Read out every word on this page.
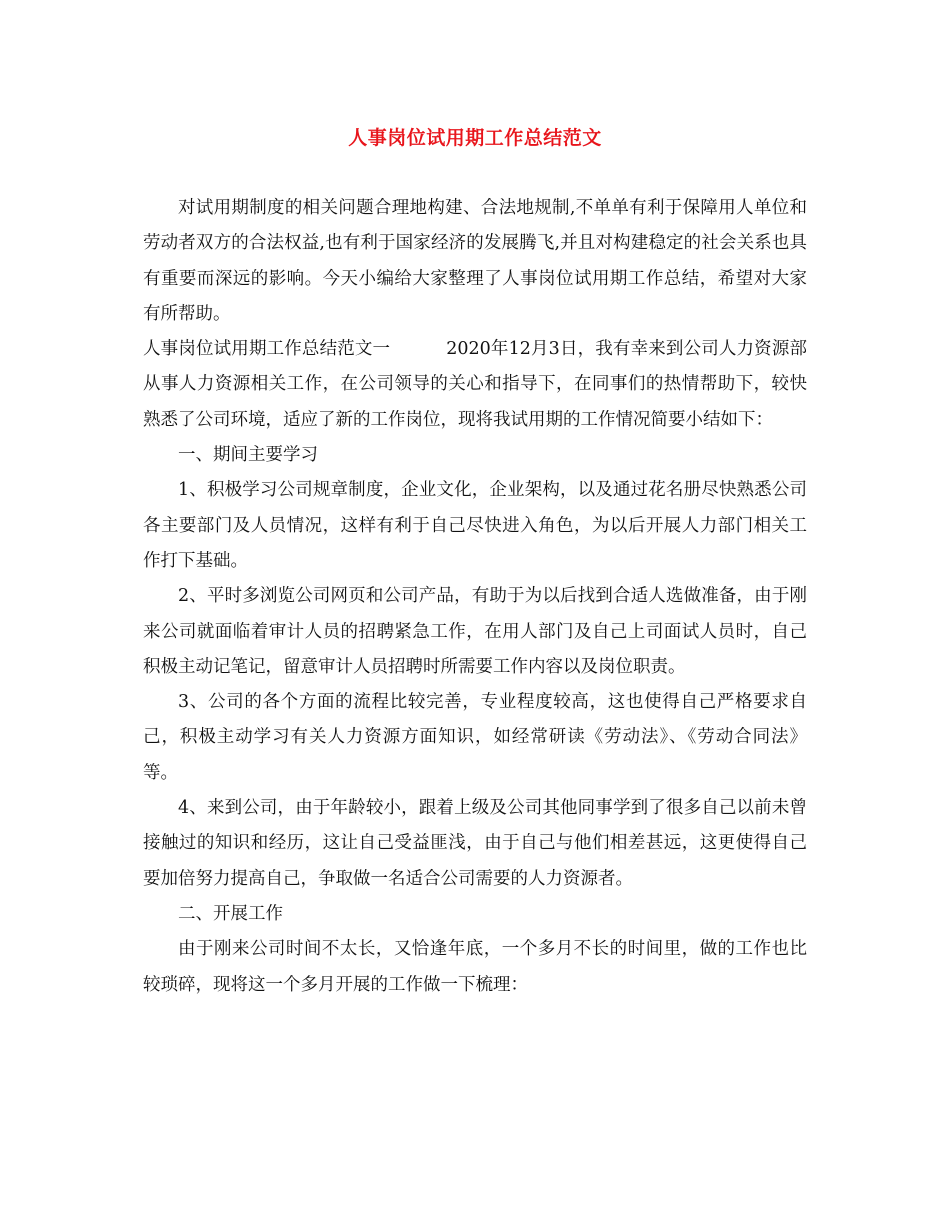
人事岗位试用期工作总结范文

对试用期制度的相关问题合理地构建、合法地规制,不单单有利于保障用人单位和劳动者双方的合法权益,也有利于国家经济的发展腾飞,并且对构建稳定的社会关系也具有重要而深远的影响。今天小编给大家整理了人事岗位试用期工作总结，希望对大家有所帮助。

人事岗位试用期工作总结范文一	2020年12月3日，我有幸来到公司人力资源部从事人力资源相关工作，在公司领导的关心和指导下，在同事们的热情帮助下，较快熟悉了公司环境，适应了新的工作岗位，现将我试用期的工作情况简要小结如下：

一、期间主要学习

1、积极学习公司规章制度，企业文化，企业架构，以及通过花名册尽快熟悉公司各主要部门及人员情况，这样有利于自己尽快进入角色，为以后开展人力部门相关工作打下基础。

2、平时多浏览公司网页和公司产品，有助于为以后找到合适人选做准备，由于刚来公司就面临着审计人员的招聘紧急工作，在用人部门及自己上司面试人员时，自己积极主动记笔记，留意审计人员招聘时所需要工作内容以及岗位职责。

3、公司的各个方面的流程比较完善，专业程度较高，这也使得自己严格要求自己，积极主动学习有关人力资源方面知识，如经常研读《劳动法》、《劳动合同法》等。

4、来到公司，由于年龄较小，跟着上级及公司其他同事学到了很多自己以前未曾接触过的知识和经历，这让自己受益匪浅，由于自己与他们相差甚远，这更使得自己要加倍努力提高自己，争取做一名适合公司需要的人力资源者。

二、开展工作

由于刚来公司时间不太长，又恰逢年底，一个多月不长的时间里，做的工作也比较琐碎，现将这一个多月开展的工作做一下梳理：
